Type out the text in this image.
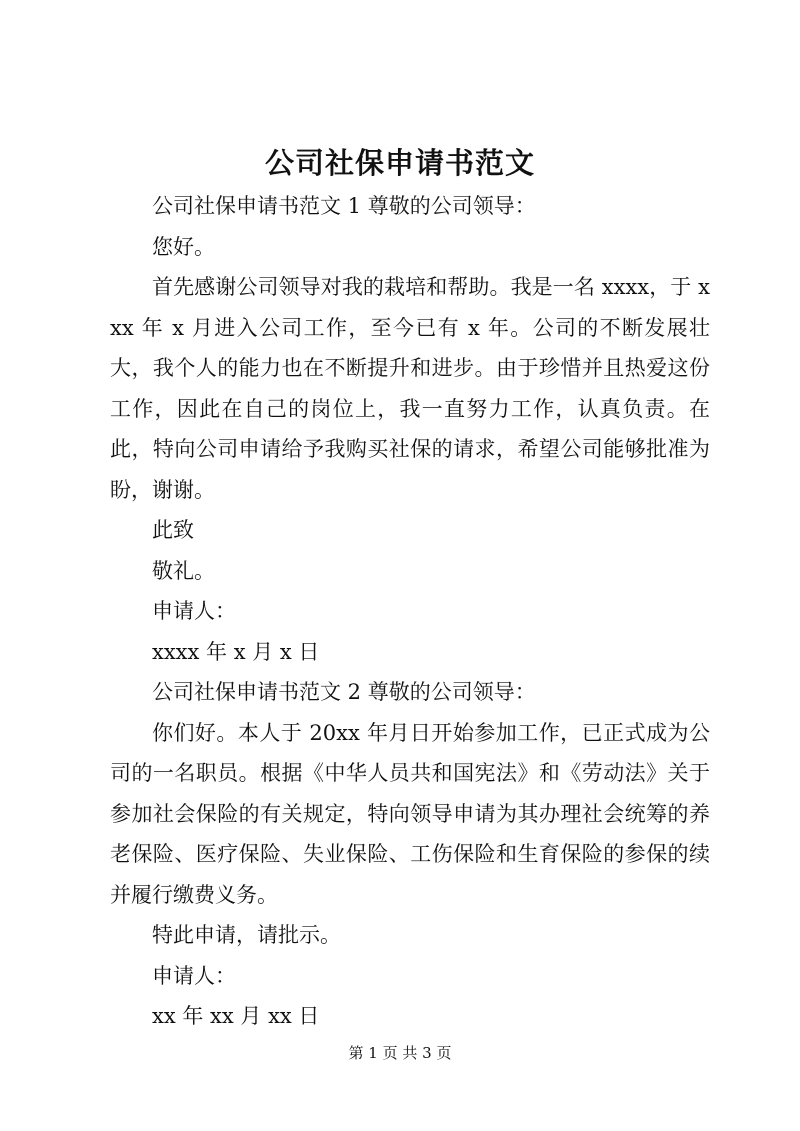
公司社保申请书范文

公司社保申请书范文 1 尊敬的公司领导：

您好。

首先感谢公司领导对我的栽培和帮助。我是一名 xxxx，于 xxx 年 x 月进入公司工作，至今已有 x 年。公司的不断发展壮大，我个人的能力也在不断提升和进步。由于珍惜并且热爱这份工作，因此在自己的岗位上，我一直努力工作，认真负责。在此，特向公司申请给予我购买社保的请求，希望公司能够批准为盼，谢谢。

此致

敬礼。

申请人：

xxxx 年 x 月 x 日

公司社保申请书范文 2 尊敬的公司领导：

你们好。本人于 20xx 年月日开始参加工作，已正式成为公司的一名职员。根据《中华人员共和国宪法》和《劳动法》关于参加社会保险的有关规定，特向领导申请为其办理社会统筹的养老保险、医疗保险、失业保险、工伤保险和生育保险的参保的续并履行缴费义务。

特此申请，请批示。

申请人：

xx 年 xx 月 xx 日

第 1 页 共 3 页
